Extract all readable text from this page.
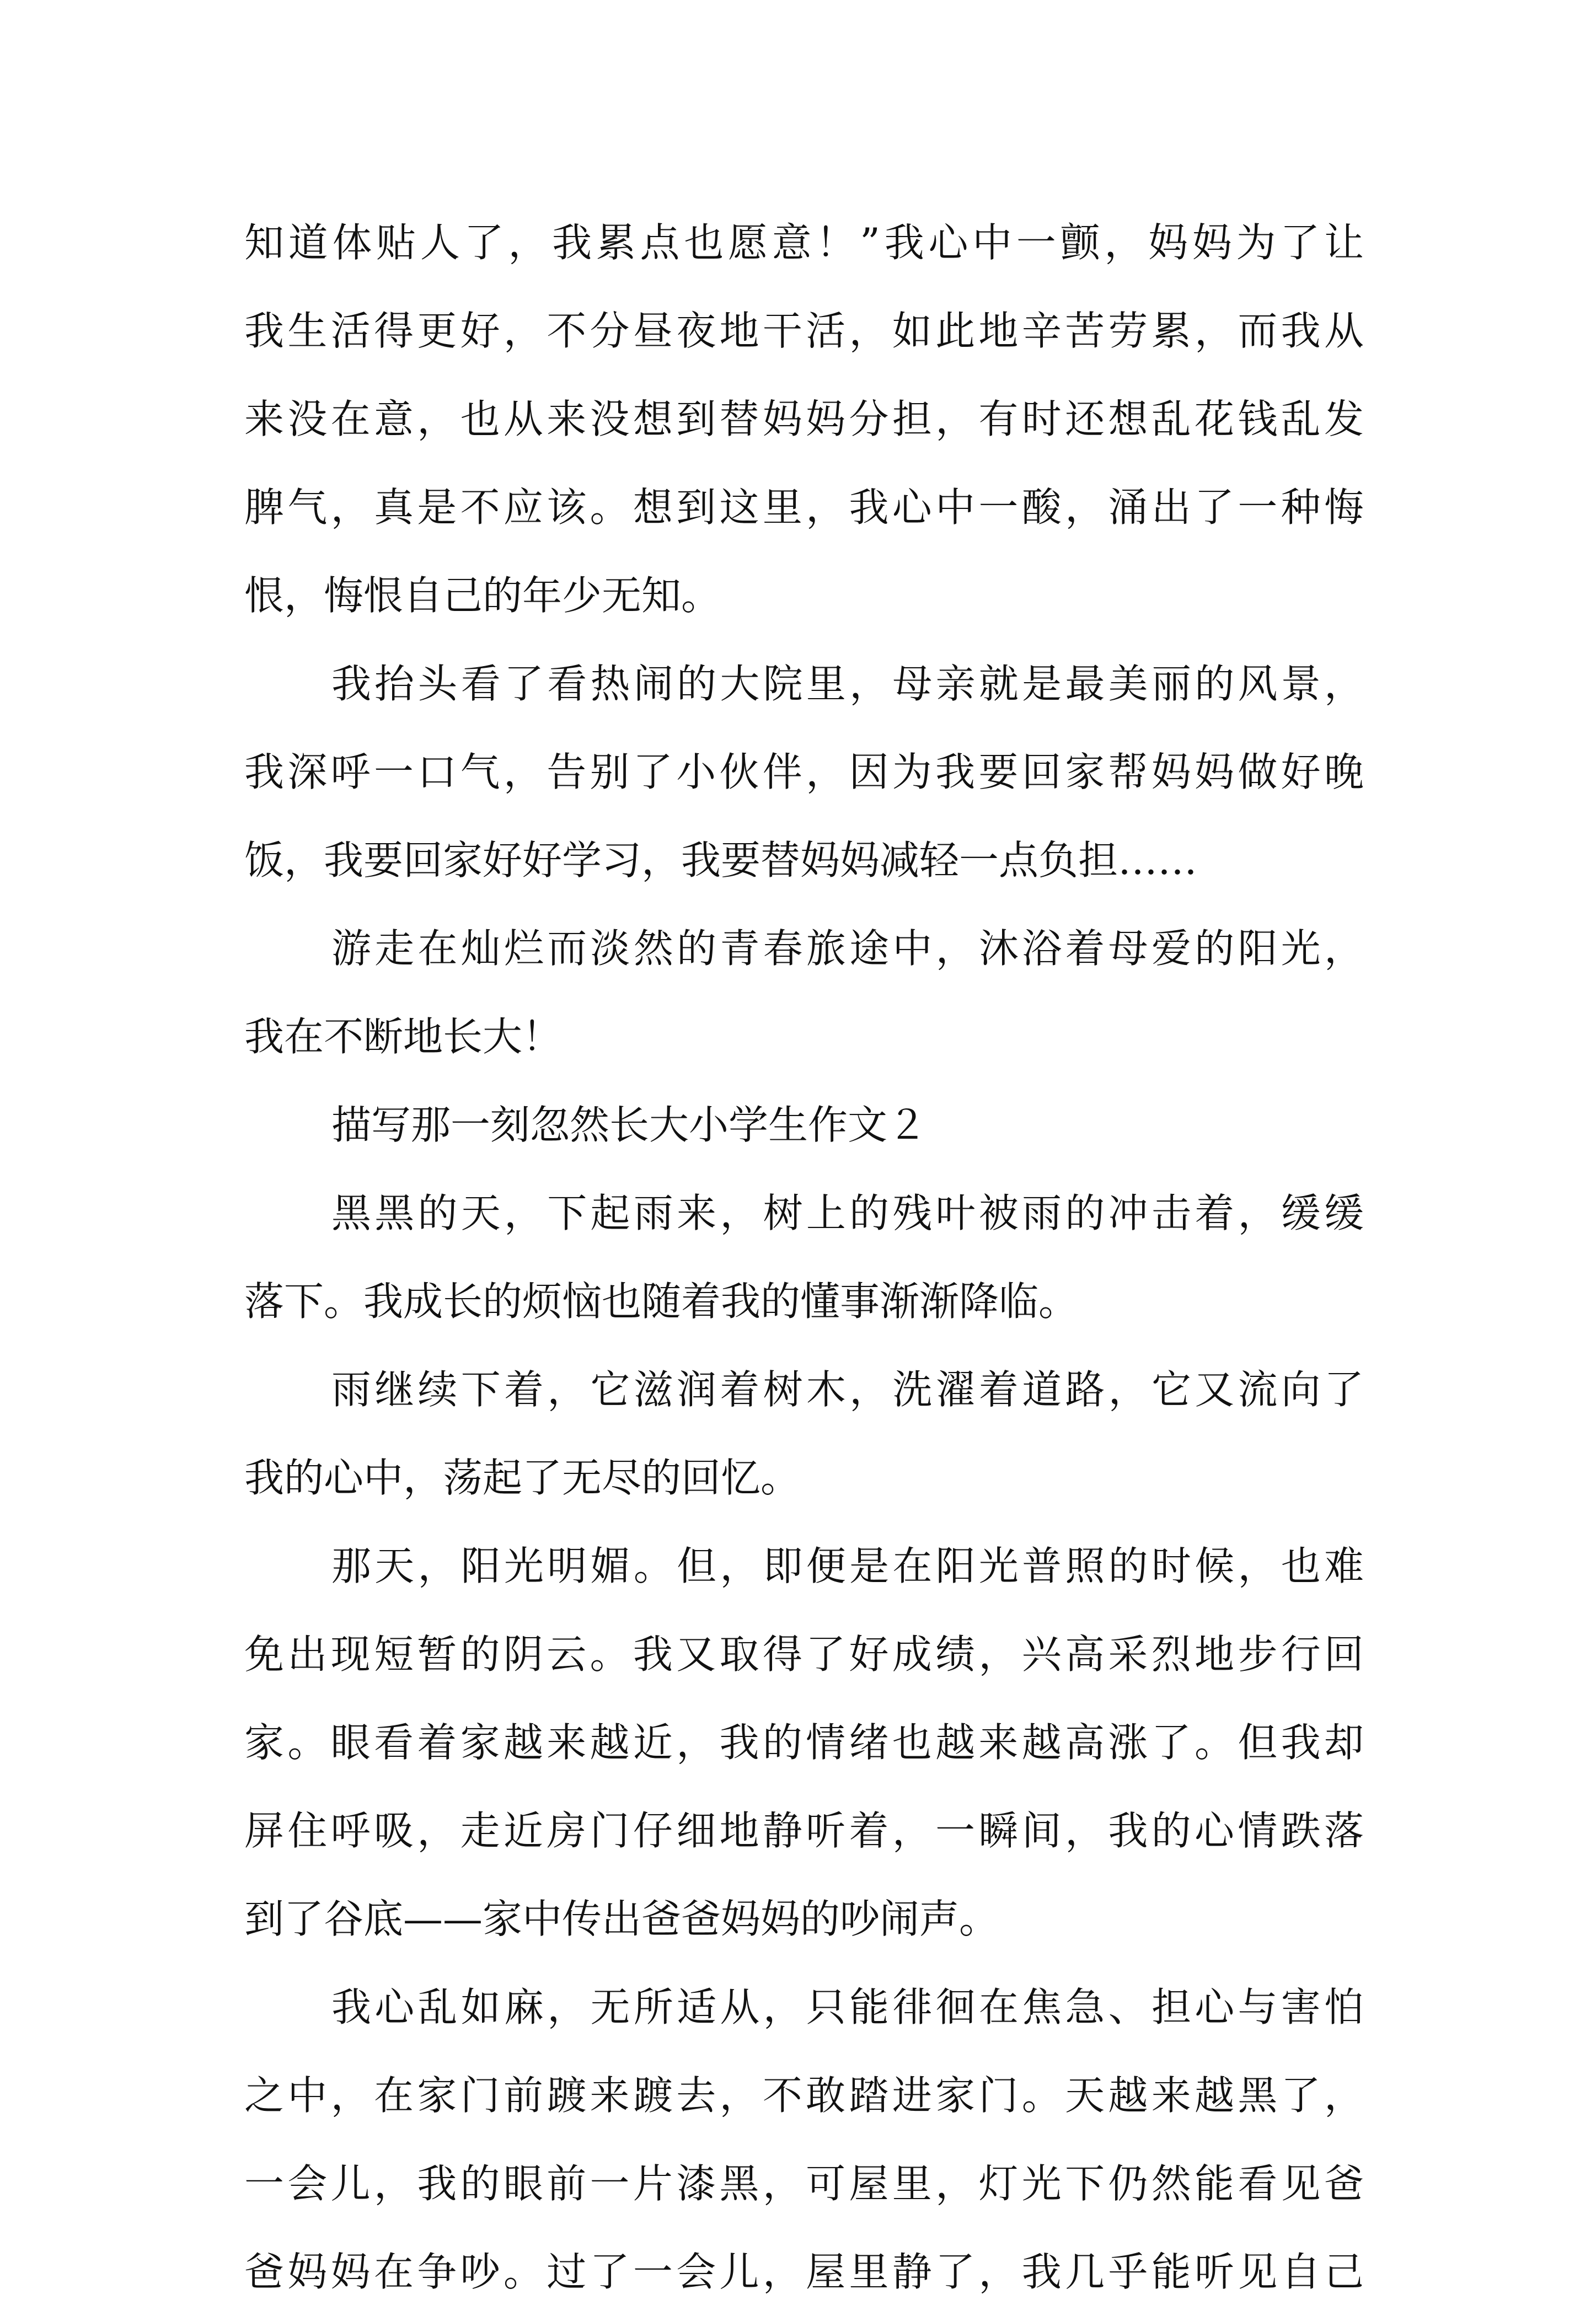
知道体贴人了，我累点也愿意！”我心中一颤，妈妈为了让
我生活得更好，不分昼夜地干活，如此地辛苦劳累，而我从
来没在意，也从来没想到替妈妈分担，有时还想乱花钱乱发
脾气，真是不应该。想到这里，我心中一酸，涌出了一种悔
恨，悔恨自己的年少无知。
我抬头看了看热闹的大院里，母亲就是最美丽的风景，
我深呼一口气，告别了小伙伴，因为我要回家帮妈妈做好晚
饭，我要回家好好学习，我要替妈妈减轻一点负担……
游走在灿烂而淡然的青春旅途中，沐浴着母爱的阳光，
我在不断地长大！
描写那一刻忽然长大小学生作文２
黑黑的天，下起雨来，树上的残叶被雨的冲击着，缓缓
落下。我成长的烦恼也随着我的懂事渐渐降临。
雨继续下着，它滋润着树木，洗濯着道路，它又流向了
我的心中，荡起了无尽的回忆。
那天，阳光明媚。但，即便是在阳光普照的时候，也难
免出现短暂的阴云。我又取得了好成绩，兴高采烈地步行回
家。眼看着家越来越近，我的情绪也越来越高涨了。但我却
屏住呼吸，走近房门仔细地静听着，一瞬间，我的心情跌落
到了谷底——家中传出爸爸妈妈的吵闹声。
我心乱如麻，无所适从，只能徘徊在焦急、担心与害怕
之中，在家门前踱来踱去，不敢踏进家门。天越来越黑了，
一会儿，我的眼前一片漆黑，可屋里，灯光下仍然能看见爸
爸妈妈在争吵。过了一会儿，屋里静了，我几乎能听见自己
